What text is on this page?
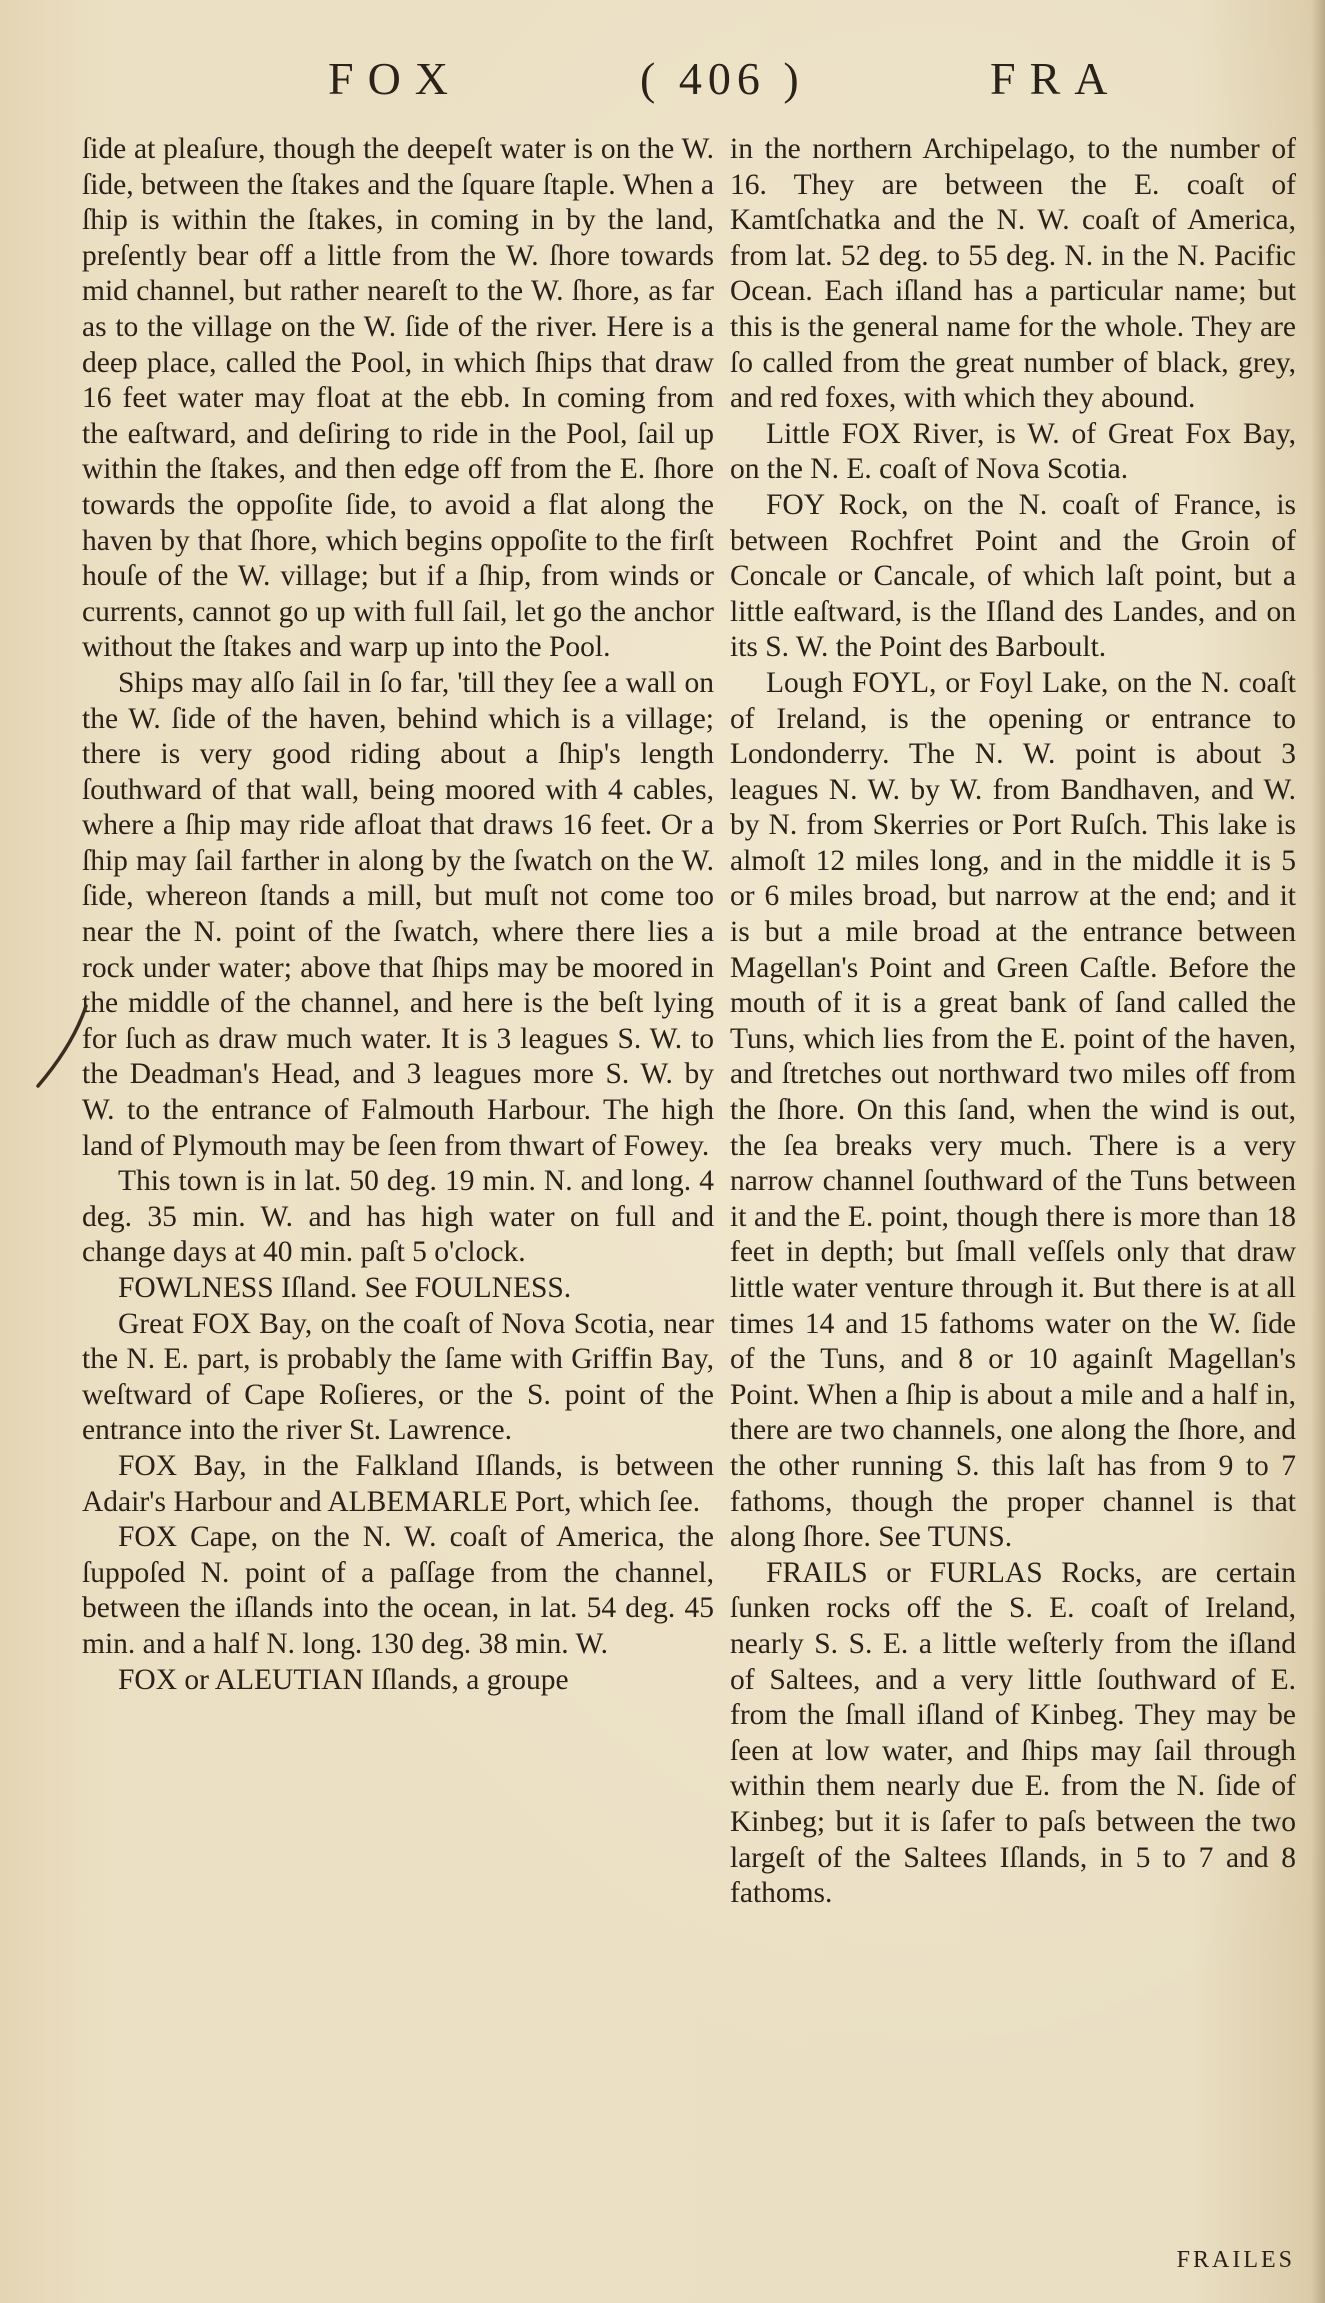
FOX	( 406 )	FRA

ſide at pleaſure, though the deepeſt water is on the W. ſide, between the ſtakes and the ſquare ſtaple. When a ſhip is within the ſtakes, in coming in by the land, preſently bear off a little from the W. ſhore towards mid channel, but rather neareſt to the W. ſhore, as far as to the village on the W. ſide of the river. Here is a deep place, called the Pool, in which ſhips that draw 16 feet water may float at the ebb. In coming from the eaſtward, and deſiring to ride in the Pool, ſail up within the ſtakes, and then edge off from the E. ſhore towards the oppoſite ſide, to avoid a flat along the haven by that ſhore, which begins oppoſite to the firſt houſe of the W. village; but if a ſhip, from winds or currents, cannot go up with full ſail, let go the anchor without the ſtakes and warp up into the Pool.

Ships may alſo ſail in ſo far, 'till they ſee a wall on the W. ſide of the haven, behind which is a village; there is very good riding about a ſhip's length ſouthward of that wall, being moored with 4 cables, where a ſhip may ride afloat that draws 16 feet. Or a ſhip may ſail farther in along by the ſwatch on the W. ſide, whereon ſtands a mill, but muſt not come too near the N. point of the ſwatch, where there lies a rock under water; above that ſhips may be moored in the middle of the channel, and here is the beſt lying for ſuch as draw much water. It is 3 leagues S. W. to the Deadman's Head, and 3 leagues more S. W. by W. to the entrance of Falmouth Harbour. The high land of Plymouth may be ſeen from thwart of Fowey.

This town is in lat. 50 deg. 19 min. N. and long. 4 deg. 35 min. W. and has high water on full and change days at 40 min. paſt 5 o'clock.

FOWLNESS Iſland. See FOULNESS.

Great FOX Bay, on the coaſt of Nova Scotia, near the N. E. part, is probably the ſame with Griffin Bay, weſtward of Cape Roſieres, or the S. point of the entrance into the river St. Lawrence.

FOX Bay, in the Falkland Iſlands, is between Adair's Harbour and ALBEMARLE Port, which ſee.

FOX Cape, on the N. W. coaſt of America, the ſuppoſed N. point of a paſſage from the channel, between the iſlands into the ocean, in lat. 54 deg. 45 min. and a half N. long. 130 deg. 38 min. W.

FOX or ALEUTIAN Iſlands, a groupe

in the northern Archipelago, to the number of 16. They are between the E. coaſt of Kamtſchatka and the N. W. coaſt of America, from lat. 52 deg. to 55 deg. N. in the N. Pacific Ocean. Each iſland has a particular name; but this is the general name for the whole. They are ſo called from the great number of black, grey, and red foxes, with which they abound.

Little FOX River, is W. of Great Fox Bay, on the N. E. coaſt of Nova Scotia.

FOY Rock, on the N. coaſt of France, is between Rochfret Point and the Groin of Concale or Cancale, of which laſt point, but a little eaſtward, is the Iſland des Landes, and on its S. W. the Point des Barboult.

Lough FOYL, or Foyl Lake, on the N. coaſt of Ireland, is the opening or entrance to Londonderry. The N. W. point is about 3 leagues N. W. by W. from Bandhaven, and W. by N. from Skerries or Port Ruſch. This lake is almoſt 12 miles long, and in the middle it is 5 or 6 miles broad, but narrow at the end; and it is but a mile broad at the entrance between Magellan's Point and Green Caſtle. Before the mouth of it is a great bank of ſand called the Tuns, which lies from the E. point of the haven, and ſtretches out northward two miles off from the ſhore. On this ſand, when the wind is out, the ſea breaks very much. There is a very narrow channel ſouthward of the Tuns between it and the E. point, though there is more than 18 feet in depth; but ſmall veſſels only that draw little water venture through it. But there is at all times 14 and 15 fathoms water on the W. ſide of the Tuns, and 8 or 10 againſt Magellan's Point. When a ſhip is about a mile and a half in, there are two channels, one along the ſhore, and the other running S. this laſt has from 9 to 7 fathoms, though the proper channel is that along ſhore. See TUNS.

FRAILS or FURLAS Rocks, are certain ſunken rocks off the S. E. coaſt of Ireland, nearly S. S. E. a little weſterly from the iſland of Saltees, and a very little ſouthward of E. from the ſmall iſland of Kinbeg. They may be ſeen at low water, and ſhips may ſail through within them nearly due E. from the N. ſide of Kinbeg; but it is ſafer to paſs between the two largeſt of the Saltees Iſlands, in 5 to 7 and 8 fathoms.

FRAILES
